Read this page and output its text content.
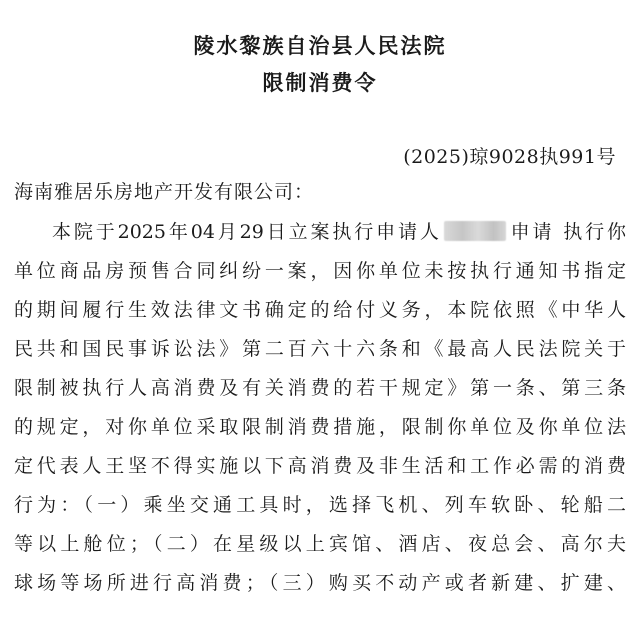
陵水黎族自治县人民法院
限制消费令
(2025)琼9028执991号
海南雅居乐房地产开发有限公司：
本院于2025年04月29日立案执行申请人	申请 执行你
单位商品房预售合同纠纷一案，因你单位未按执行通知书指定
的期间履行生效法律文书确定的给付义务，本院依照《中华人
民共和国民事诉讼法》第二百六十六条和《最高人民法院关于
限制被执行人高消费及有关消费的若干规定》第一条、第三条
的规定，对你单位采取限制消费措施，限制你单位及你单位法
定代表人王坚不得实施以下高消费及非生活和工作必需的消费
行为：（一）乘坐交通工具时，选择飞机、列车软卧、轮船二
等以上舱位；（二）在星级以上宾馆、酒店、夜总会、高尔夫
球场等场所进行高消费；（三）购买不动产或者新建、扩建、
